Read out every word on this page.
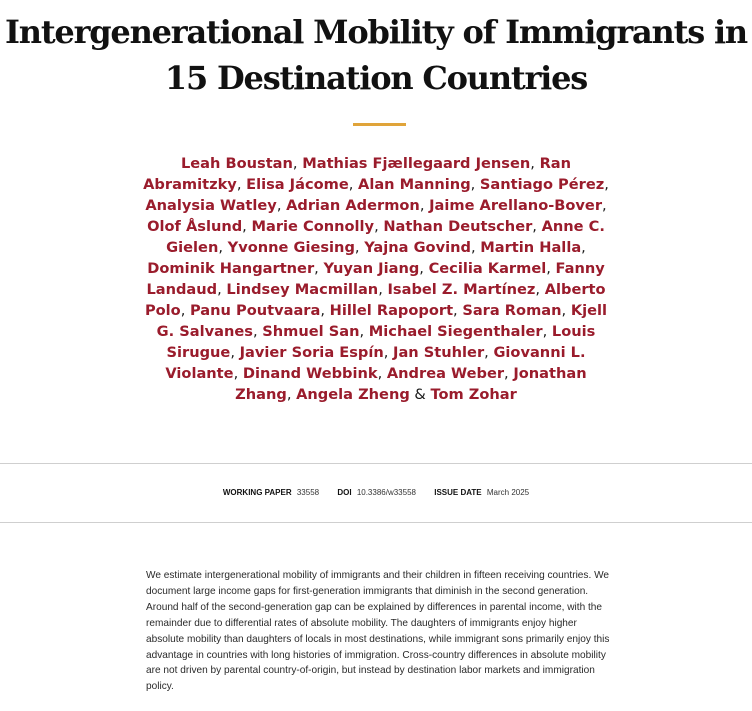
Intergenerational Mobility of Immigrants in 15 Destination Countries
Leah Boustan, Mathias Fjællegaard Jensen, Ran Abramitzky, Elisa Jácome, Alan Manning, Santiago Pérez, Analysia Watley, Adrian Adermon, Jaime Arellano-Bover, Olof Åslund, Marie Connolly, Nathan Deutscher, Anne C. Gielen, Yvonne Giesing, Yajna Govind, Martin Halla, Dominik Hangartner, Yuyan Jiang, Cecilia Karmel, Fanny Landaud, Lindsey Macmillan, Isabel Z. Martínez, Alberto Polo, Panu Poutvaara, Hillel Rapoport, Sara Roman, Kjell G. Salvanes, Shmuel San, Michael Siegenthaler, Louis Sirugue, Javier Soria Espín, Jan Stuhler, Giovanni L. Violante, Dinand Webbink, Andrea Weber, Jonathan Zhang, Angela Zheng & Tom Zohar
WORKING PAPER 33558 DOI 10.3386/w33558 ISSUE DATE March 2025

We estimate intergenerational mobility of immigrants and their children in fifteen receiving countries. We document large income gaps for first-generation immigrants that diminish in the second generation. Around half of the second-generation gap can be explained by differences in parental income, with the remainder due to differential rates of absolute mobility. The daughters of immigrants enjoy higher absolute mobility than daughters of locals in most destinations, while immigrant sons primarily enjoy this advantage in countries with long histories of immigration. Cross-country differences in absolute mobility are not driven by parental country-of-origin, but instead by destination labor markets and immigration policy.
